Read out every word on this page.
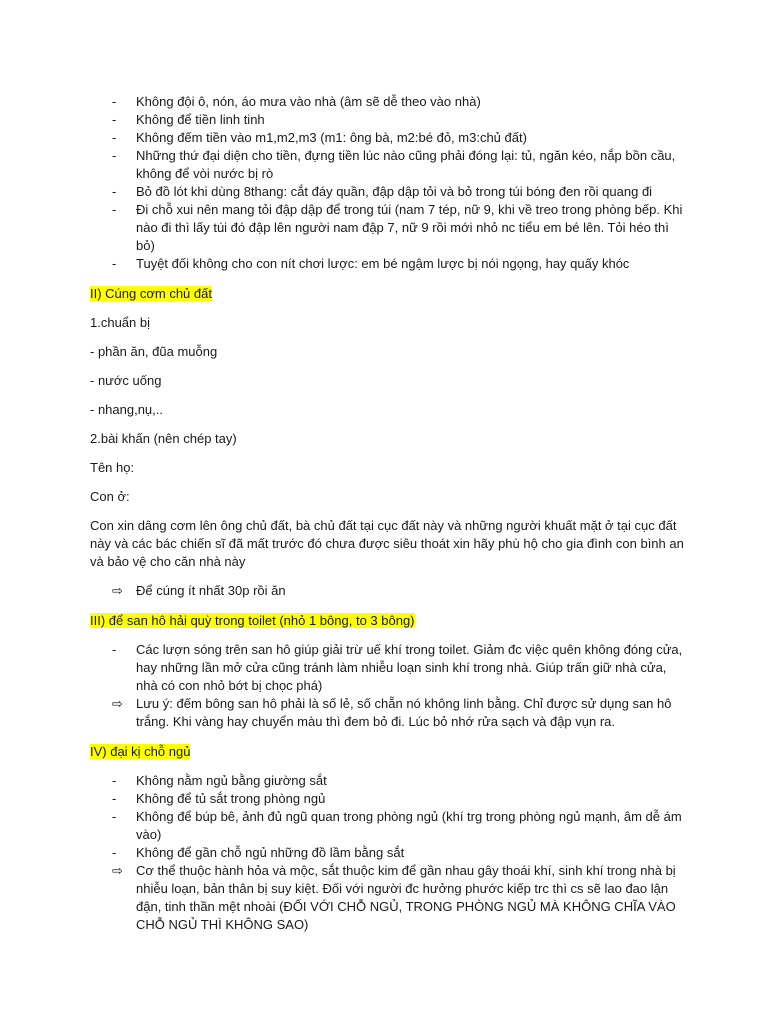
- Không đội ô, nón, áo mưa vào nhà (âm sẽ dễ theo vào nhà)
- Không để tiền linh tinh
- Không đếm tiền vào m1,m2,m3 (m1: ông bà, m2:bé đỏ, m3:chủ đất)
- Những thứ đại diện cho tiền, đựng tiền lúc nào cũng phải đóng lại: tủ, ngăn kéo, nắp bồn cầu, không để vòi nước bị rò
- Bỏ đồ lót khi dùng 8thang: cắt đáy quần, đập dập tỏi và bỏ trong túi bóng đen rồi quang đi
- Đi chỗ xui nên mang tỏi đập dập để trong túi (nam 7 tép, nữ 9, khi về treo trong phòng bếp. Khi nào đi thì lấy túi đó đập lên người nam đập 7, nữ 9 rồi mới nhỏ nc tiểu em bé lên. Tỏi héo thì bỏ)
- Tuyệt đối không cho con nít chơi lược: em bé ngậm lược bị nói ngọng, hay quấy khóc
II) Cúng cơm chủ đất
1.chuẩn bị
- phần ăn, đũa muỗng
- nước uống
- nhang,nụ,..
2.bài khấn (nên chép tay)
Tên họ:
Con ở:
Con xin dâng cơm lên ông chủ đất, bà chủ đất tại cục đất này và những người khuất mặt ở tại cục đất này và các bác chiến sĩ đã mất trước đó chưa được siêu thoát xin hãy phù hộ cho gia đình con bình an và bảo vệ cho căn nhà này
⇨ Để cúng ít nhất 30p rồi ăn
III) để san hô hải quỳ trong toilet (nhỏ 1 bông, to 3 bông)
- Các lượn sóng trên san hô giúp giải trừ uế khí trong toilet. Giảm đc việc quên không đóng cửa, hay những lần mở cửa cũng tránh làm nhiễu loạn sinh khí trong nhà. Giúp trấn giữ nhà cửa, nhà có con nhỏ bớt bị chọc phá)
⇨ Lưu ý: đếm bông san hô phải là số lẻ, số chẵn nó không linh bằng. Chỉ được sử dụng san hô trắng. Khi vàng hay chuyển màu thì đem bỏ đi. Lúc bỏ nhớ rửa sạch và đập vụn ra.
IV) đại kị chỗ ngủ
- Không nằm ngủ bằng giường sắt
- Không để tủ sắt trong phòng ngủ
- Không để búp bê, ảnh đủ ngũ quan trong phòng ngủ (khí trg trong phòng ngủ mạnh, âm dễ ám vào)
- Không để gần chỗ ngủ những đồ lầm bằng sắt
⇨ Cơ thể thuộc hành hỏa và mộc, sắt thuộc kim để gần nhau gây thoái khí, sinh khí trong nhà bị nhiễu loạn, bản thân bị suy kiệt. Đối với người đc hưởng phước kiếp trc thì cs sẽ lao đao lận đận, tinh thần mệt nhoài (ĐỐI VỚI CHỖ NGỦ, TRONG PHÒNG NGỦ MÀ KHÔNG CHĨA VÀO CHỖ NGỦ THÌ KHÔNG SAO)
